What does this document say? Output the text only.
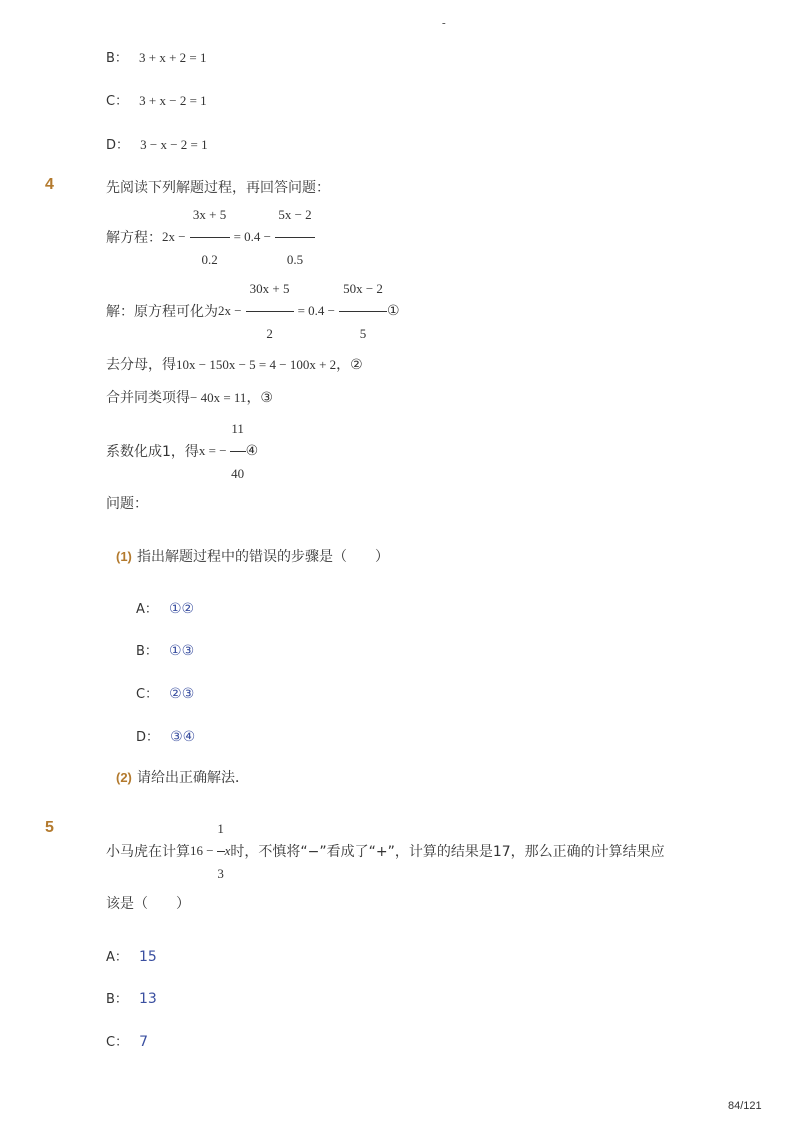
-
B： 3 + x + 2 = 1
C： 3 + x − 2 = 1
D： 3 − x − 2 = 1
4	先阅读下列解题过程，再回答问题：
解方程： $2x - \frac{3x + 5}{0.2} = 0.4 - \frac{5x - 2}{0.5}$
解：原方程可化为 $2x - \frac{30x + 5}{2} = 0.4 - \frac{50x - 2}{5}$ ①
去分母，得10x − 150x − 5 = 4 − 100x + 2，②
合并同类项得− 40x = 11，③
系数化成1，得 x = − $\frac{11}{40}$ ④
问题：
(1) 指出解题过程中的错误的步骤是（　　）
A： ①②
B： ①③
C： ②③
D： ③④
(2) 请给出正确解法．
5
小马虎在计算 $16 - \frac{1}{3}$ x 时，不慎将“−”看成了“+”，计算的结果是17，那么正确的计算结果应
该是（　　）
A： 15
B： 13
C： 7
84/121
